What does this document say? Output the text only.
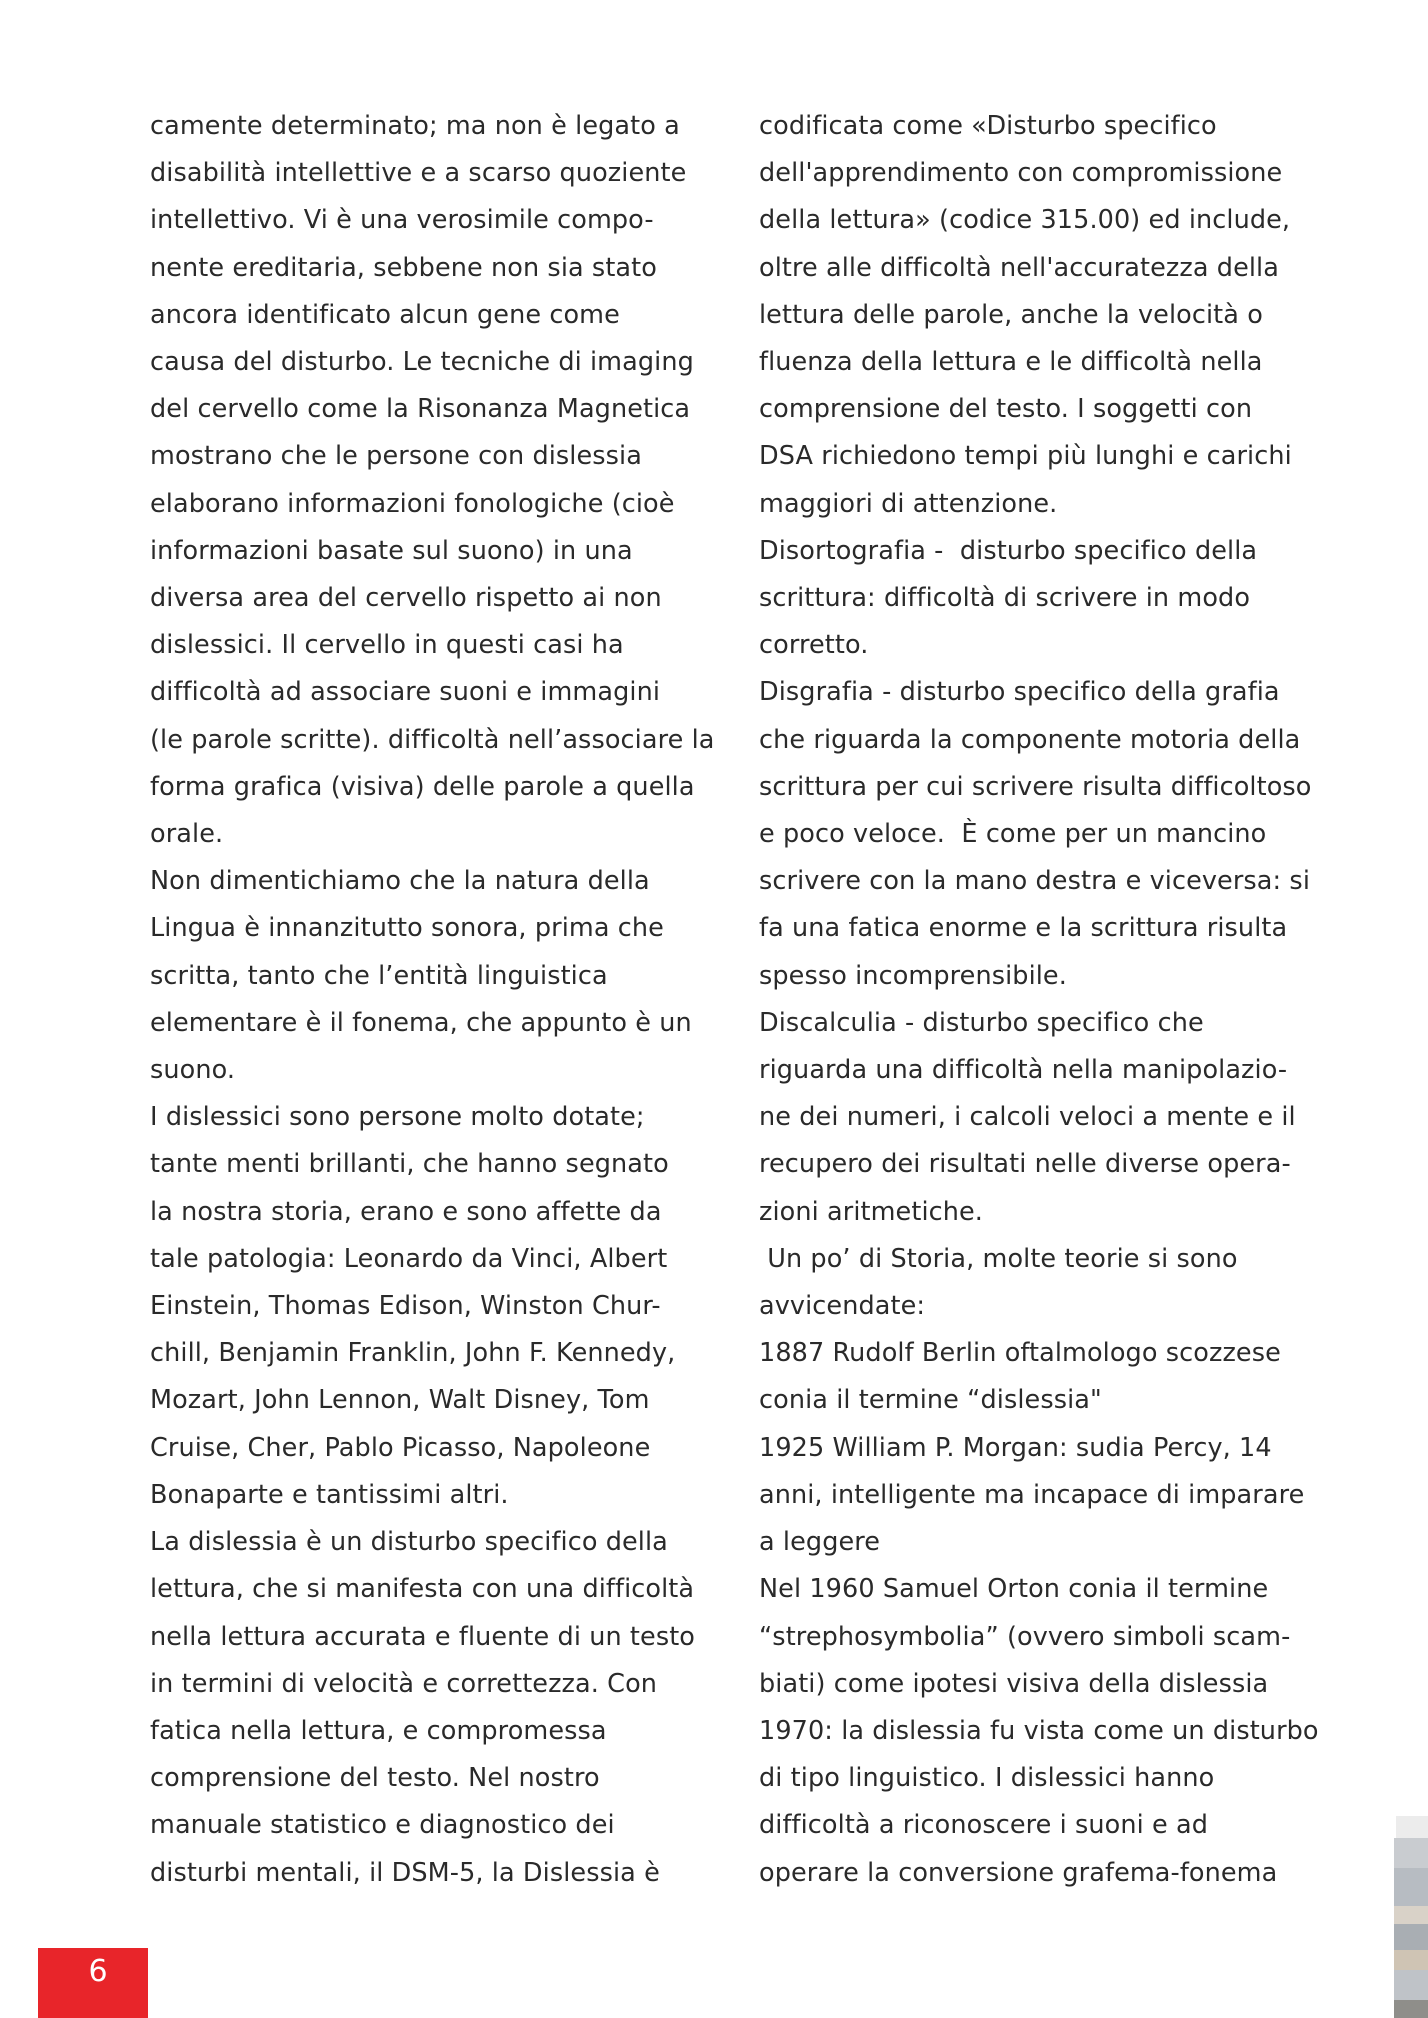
camente determinato; ma non è legato a
disabilità intellettive e a scarso quoziente
intellettivo. Vi è una verosimile compo-
nente ereditaria, sebbene non sia stato
ancora identificato alcun gene come
causa del disturbo. Le tecniche di imaging
del cervello come la Risonanza Magnetica
mostrano che le persone con dislessia
elaborano informazioni fonologiche (cioè
informazioni basate sul suono) in una
diversa area del cervello rispetto ai non
dislessici. Il cervello in questi casi ha
difficoltà ad associare suoni e immagini
(le parole scritte). difficoltà nell’associare la
forma grafica (visiva) delle parole a quella
orale.
Non dimentichiamo che la natura della
Lingua è innanzitutto sonora, prima che
scritta, tanto che l’entità linguistica
elementare è il fonema, che appunto è un
suono.
I dislessici sono persone molto dotate;
tante menti brillanti, che hanno segnato
la nostra storia, erano e sono affette da
tale patologia: Leonardo da Vinci, Albert
Einstein, Thomas Edison, Winston Chur-
chill, Benjamin Franklin, John F. Kennedy,
Mozart, John Lennon, Walt Disney, Tom
Cruise, Cher, Pablo Picasso, Napoleone
Bonaparte e tantissimi altri.
La dislessia è un disturbo specifico della
lettura, che si manifesta con una difficoltà
nella lettura accurata e fluente di un testo
in termini di velocità e correttezza. Con
fatica nella lettura, e compromessa
comprensione del testo. Nel nostro
manuale statistico e diagnostico dei
disturbi mentali, il DSM-5, la Dislessia è
codificata come «Disturbo specifico
dell'apprendimento con compromissione
della lettura» (codice 315.00) ed include,
oltre alle difficoltà nell'accuratezza della
lettura delle parole, anche la velocità o
fluenza della lettura e le difficoltà nella
comprensione del testo. I soggetti con
DSA richiedono tempi più lunghi e carichi
maggiori di attenzione.
Disortografia -  disturbo specifico della
scrittura: difficoltà di scrivere in modo
corretto.
Disgrafia - disturbo specifico della grafia
che riguarda la componente motoria della
scrittura per cui scrivere risulta difficoltoso
e poco veloce.  È come per un mancino
scrivere con la mano destra e viceversa: si
fa una fatica enorme e la scrittura risulta
spesso incomprensibile.
Discalculia - disturbo specifico che
riguarda una difficoltà nella manipolazio-
ne dei numeri, i calcoli veloci a mente e il
recupero dei risultati nelle diverse opera-
zioni aritmetiche.
Un po’ di Storia, molte teorie si sono
avvicendate:
1887 Rudolf Berlin oftalmologo scozzese
conia il termine “dislessia"
1925 William P. Morgan: sudia Percy, 14
anni, intelligente ma incapace di imparare
a leggere
Nel 1960 Samuel Orton conia il termine
“strephosymbolia” (ovvero simboli scam-
biati) come ipotesi visiva della dislessia
1970: la dislessia fu vista come un disturbo
di tipo linguistico. I dislessici hanno
difficoltà a riconoscere i suoni e ad
operare la conversione grafema-fonema
6
